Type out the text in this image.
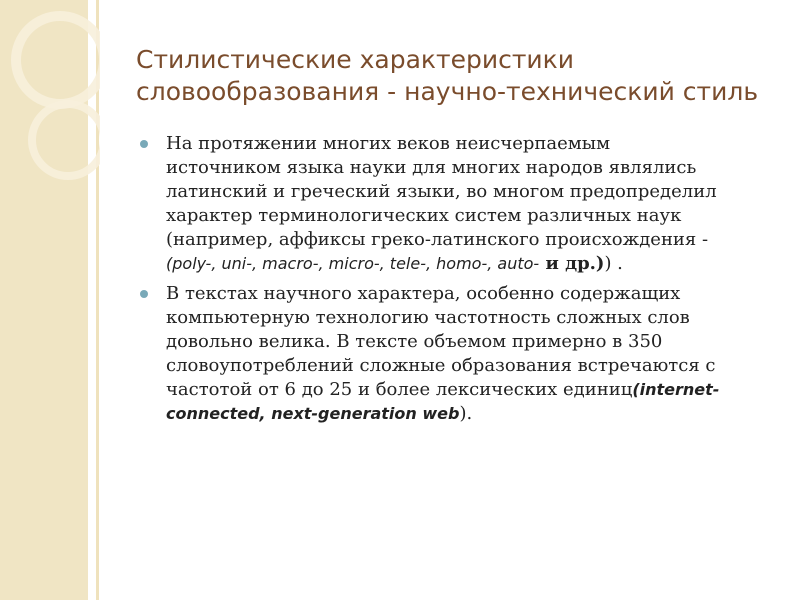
Стилистические характеристики
словообразования - научно-технический стиль
На протяжении многих веков неисчерпаемым
источником языка науки для многих народов являлись
латинский и греческий языки, во многом предопределил
характер терминологических систем различных наук
(например, аффиксы греко-латинского происхождения -
(poly-, uni-, macro-, micro-, tele-, homo-, auto- и др.)) .
В текстах научного характера, особенно содержащих
компьютерную технологию частотность сложных слов
довольно велика. В тексте объемом примерно в 350
словоупотреблений сложные образования встречаются с
частотой от 6 до 25 и более лексических единиц(internet-
connected, next-generation web).
